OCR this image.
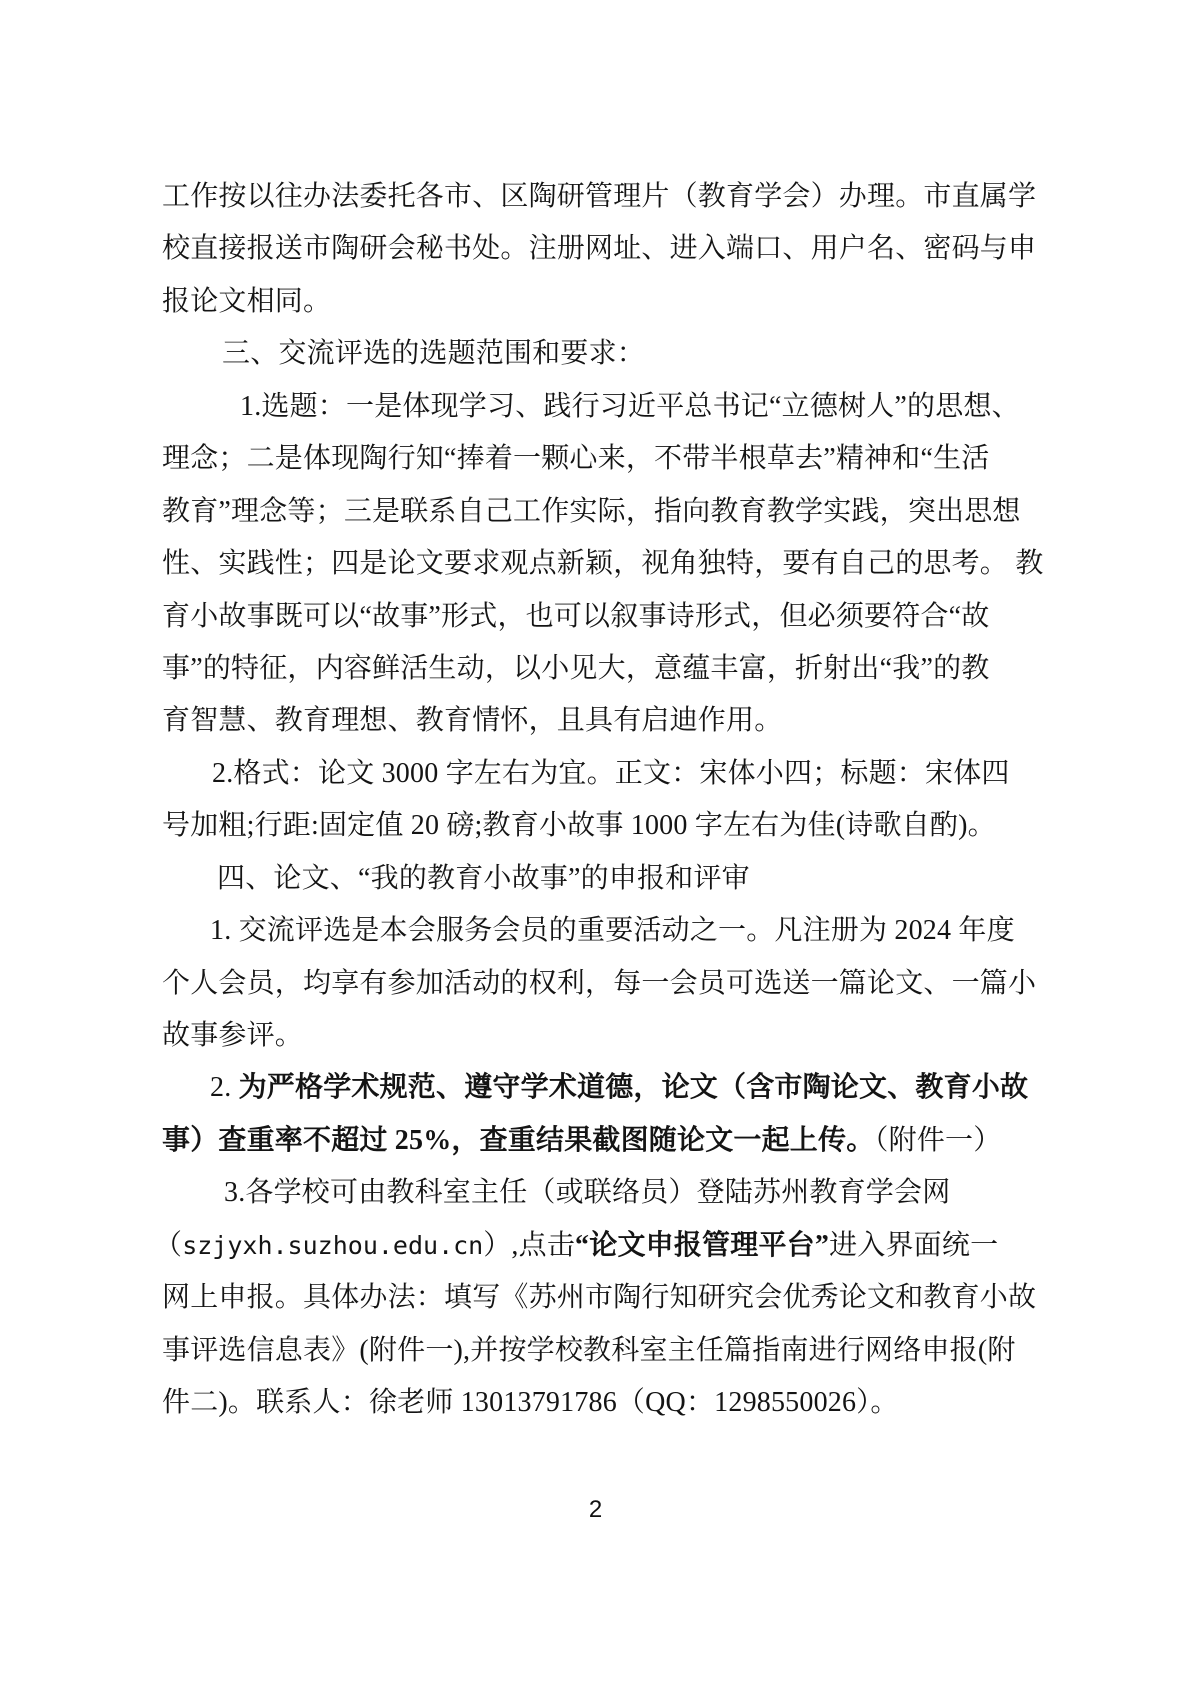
工作按以往办法委托各市、区陶研管理片（教育学会）办理。市直属学
校直接报送市陶研会秘书处。注册网址、进入端口、用户名、密码与申
报论文相同。
三、交流评选的选题范围和要求：
1.选题：一是体现学习、践行习近平总书记“立德树人”的思想、
理念；二是体现陶行知“捧着一颗心来，不带半根草去”精神和“生活
教育”理念等；三是联系自己工作实际，指向教育教学实践，突出思想
性、实践性；四是论文要求观点新颖，视角独特，要有自己的思考。 教
育小故事既可以“故事”形式，也可以叙事诗形式，但必须要符合“故
事”的特征，内容鲜活生动，以小见大，意蕴丰富，折射出“我”的教
育智慧、教育理想、教育情怀，且具有启迪作用。
2.格式：论文 3000 字左右为宜。正文：宋体小四；标题：宋体四
号加粗;行距:固定值 20 磅;教育小故事 1000 字左右为佳(诗歌自酌)。
四、论文、“我的教育小故事”的申报和评审
1. 交流评选是本会服务会员的重要活动之一。凡注册为 2024 年度
个人会员，均享有参加活动的权利，每一会员可选送一篇论文、一篇小
故事参评。
2. 为严格学术规范、遵守学术道德，论文（含市陶论文、教育小故
事）查重率不超过 25%，查重结果截图随论文一起上传。（附件一）
3.各学校可由教科室主任（或联络员）登陆苏州教育学会网
（szjyxh.suzhou.edu.cn）,点击“论文申报管理平台”进入界面统一
网上申报。具体办法：填写《苏州市陶行知研究会优秀论文和教育小故
事评选信息表》(附件一),并按学校教科室主任篇指南进行网络申报(附
件二)。联系人：徐老师 13013791786（QQ：1298550026）。
2
